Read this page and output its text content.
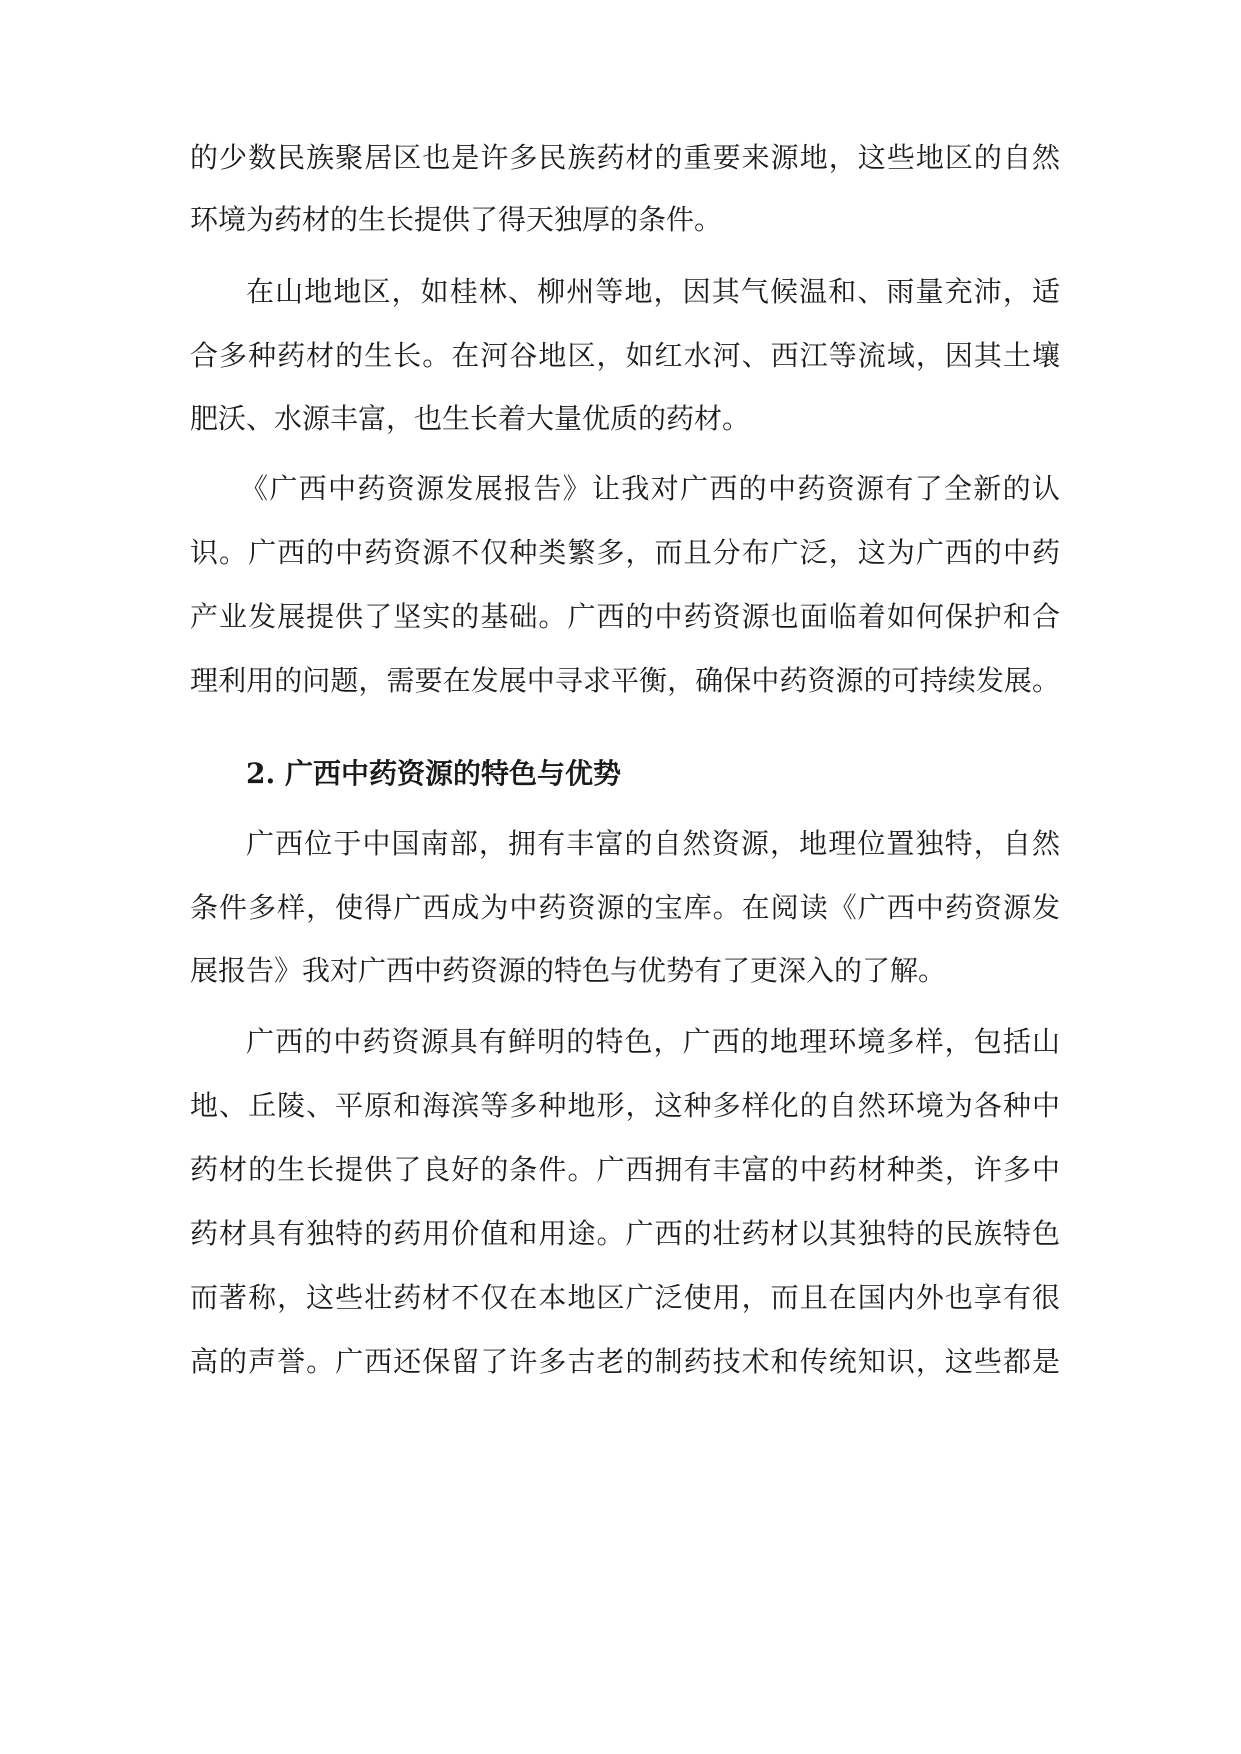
的少数民族聚居区也是许多民族药材的重要来源地，这些地区的自然
环境为药材的生长提供了得天独厚的条件。
在山地地区，如桂林、柳州等地，因其气候温和、雨量充沛，适
合多种药材的生长。在河谷地区，如红水河、西江等流域，因其土壤
肥沃、水源丰富，也生长着大量优质的药材。
《广西中药资源发展报告》让我对广西的中药资源有了全新的认
识。广西的中药资源不仅种类繁多，而且分布广泛，这为广西的中药
产业发展提供了坚实的基础。广西的中药资源也面临着如何保护和合
理利用的问题，需要在发展中寻求平衡，确保中药资源的可持续发展。
2. 广西中药资源的特色与优势
广西位于中国南部，拥有丰富的自然资源，地理位置独特，自然
条件多样，使得广西成为中药资源的宝库。在阅读《广西中药资源发
展报告》我对广西中药资源的特色与优势有了更深入的了解。
广西的中药资源具有鲜明的特色，广西的地理环境多样，包括山
地、丘陵、平原和海滨等多种地形，这种多样化的自然环境为各种中
药材的生长提供了良好的条件。广西拥有丰富的中药材种类，许多中
药材具有独特的药用价值和用途。广西的壮药材以其独特的民族特色
而著称，这些壮药材不仅在本地区广泛使用，而且在国内外也享有很
高的声誉。广西还保留了许多古老的制药技术和传统知识，这些都是
